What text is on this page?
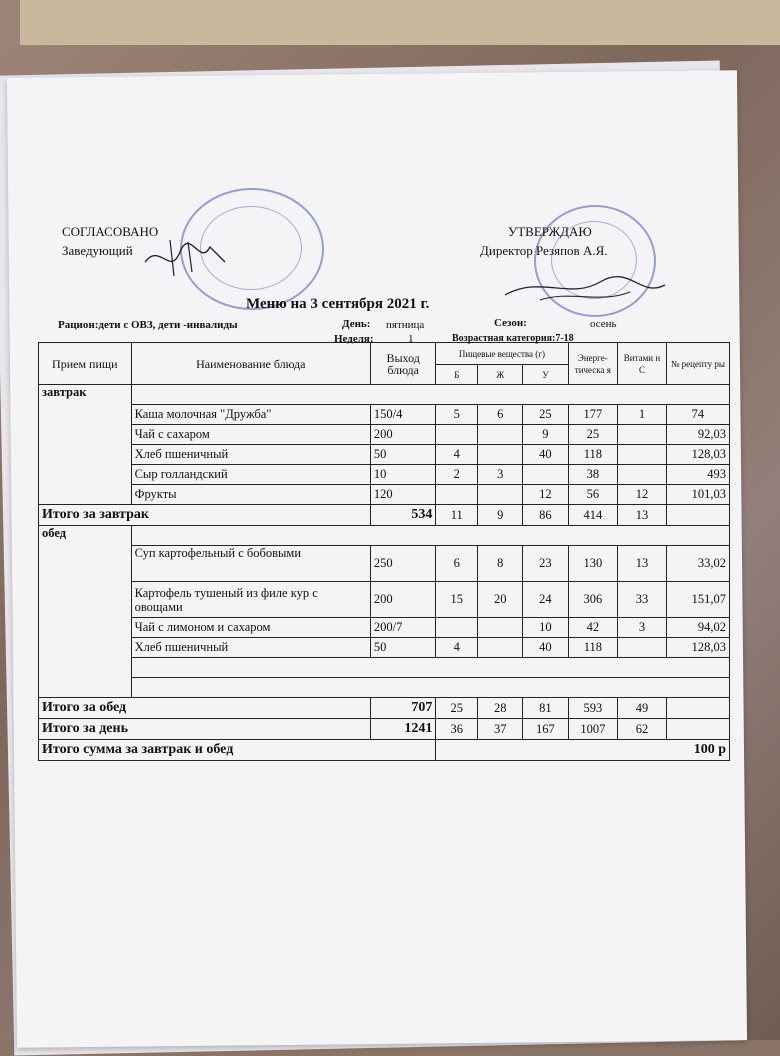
СОГЛАСОВАНО
Заведующий
УТВЕРЖДАЮ
Директор Резяпов А.Я.
Меню на 3 сентября 2021 г.
Рацион:дети с ОВЗ, дети -инвалиды	День: пятница	Сезон:	осень
Неделя:	1	Возрастная категория:7-18
Прием пищи	Наименование блюда	Выход блюда	Пищевые вещества (г)			Энерге-тическа я	Витами н С	№ рецепту ры
			Б	Ж	У			
завтрак								
	Каша молочная "Дружба"	150/4	5	6	25	177	1	74
	Чай с сахаром	200			9	25		92,03
	Хлеб пшеничный	50	4		40	118		128,03
	Сыр голландский	10	2	3		38		493
	Фрукты	120			12	56	12	101,03
Итого за завтрак		534	11	9	86	414	13	
обед								
	Суп картофельный с бобовыми	250	6	8	23	130	13	33,02
	Картофель тушеный из филе кур с овощами	200	15	20	24	306	33	151,07
	Чай с лимоном и сахаром	200/7			10	42	3	94,02
	Хлеб пшеничный	50	4		40	118		128,03

Итого за обед		707	25	28	81	593	49	
Итого за день		1241	36	37	167	1007	62	
Итого сумма за завтрак и обед			100 р					
